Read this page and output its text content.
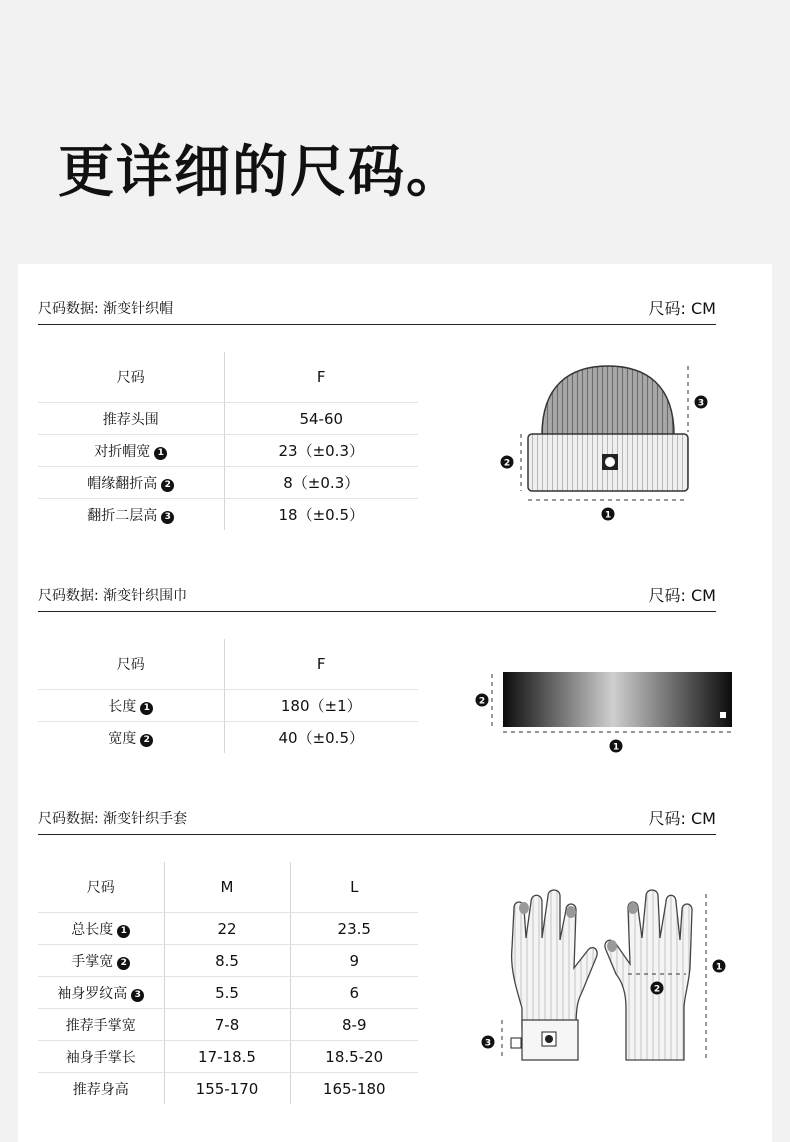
更详细的尺码。
尺码数据: 渐变针织帽	尺码: CM
尺码	F
推荐头围	54-60
对折帽宽 1	23（±0.3）
帽缘翻折高 2	8（±0.3）
翻折二层高 3	18（±0.5）	1
2
3
尺码数据: 渐变针织围巾	尺码: CM
尺码	F
长度 1	180（±1）
宽度 2	40（±0.5）
1
2
尺码数据: 渐变针织手套	尺码: CM
尺码	M	L
总长度 1	22	23.5
手掌宽 2	8.5	9
袖身罗纹高 3	5.5	6
推荐手掌宽	7-8	8-9
袖身手掌长	17-18.5	18.5-20
推荐身高	155-170	165-180
1
2
3
